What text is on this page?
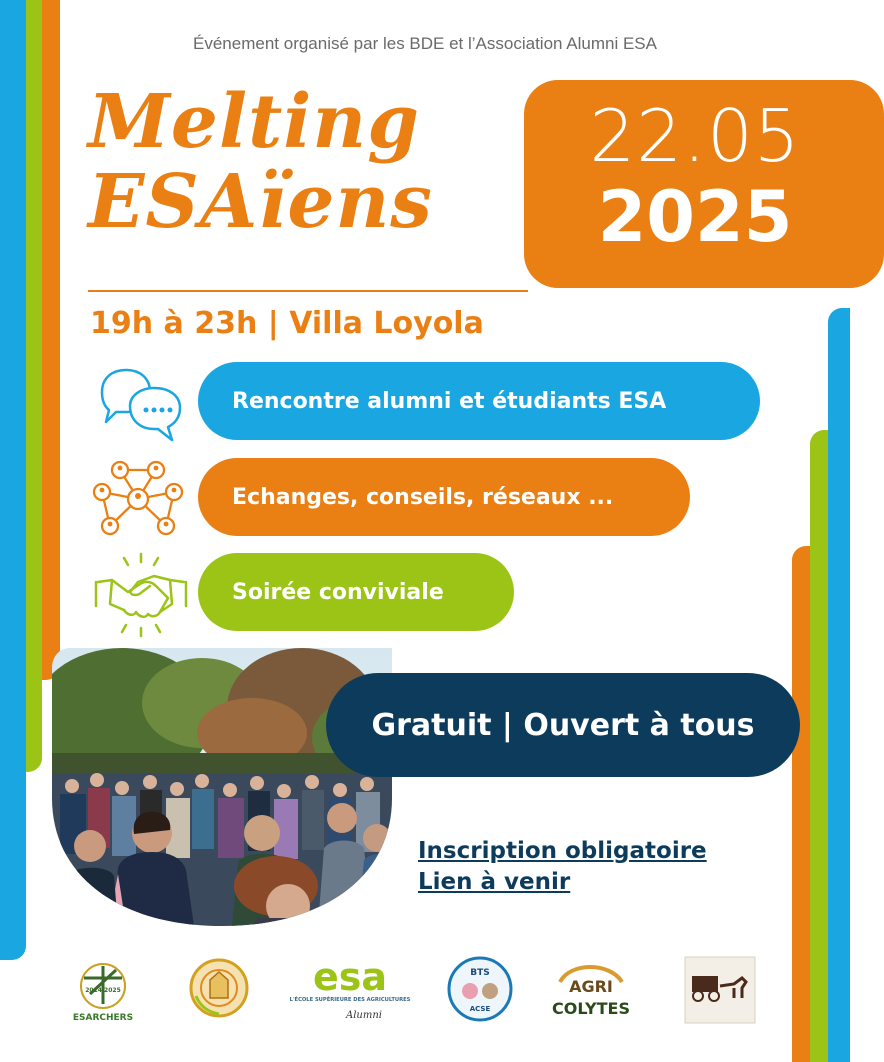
Événement organisé par les BDE et l’Association Alumni ESA
Melting
ESAïens
22.05
2025
19h à 23h | Villa Loyola
Rencontre alumni et étudiants ESA
Echanges, conseils, réseaux ...
Soirée conviviale
Gratuit | Ouvert à tous
Inscription obligatoire
Lien à venir
2024 2025
ESARCHERS
esa
L'ÉCOLE SUPÉRIEURE DES AGRICULTURES
Alumni
BTS
ACSE
AGRI
COLYTES
